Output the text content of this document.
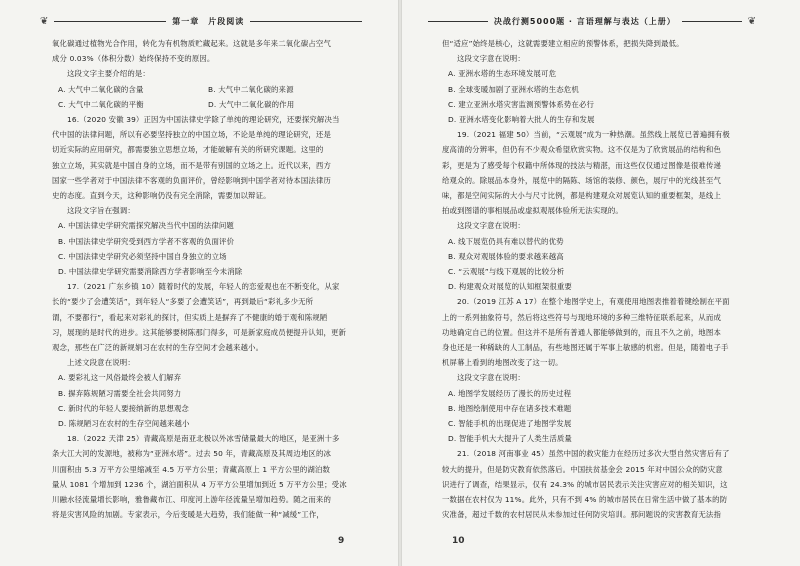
❦	第一章　片段阅读

氧化碳通过植物光合作用，转化为有机物质贮藏起来。这就是多年来二氧化碳占空气

成分 0.03%（体积分数）始终保持不变的原因。

这段文字主要介绍的是：

A. 大气中二氧化碳的含量	B. 大气中二氧化碳的来源
C. 大气中二氧化碳的平衡	D. 大气中二氧化碳的作用

16.（2020 安徽 39）正因为中国法律史学除了单纯的理论研究，还要探究解决当

代中国的法律问题，所以有必要坚持独立的中国立场，不论是单纯的理论研究，还是

切近实际的应用研究，都需要独立思想立场，才能破解有关的所研究课题。这里的

独立立场，其实就是中国自身的立场，而不是带有别国的立场之上。近代以来，西方

国家一些学者对于中国法律不客观的负面评价，曾经影响到中国学者对待本国法律历

史的态度。直到今天，这种影响仍没有完全消除，需要加以辩证。

这段文字旨在强调：

A. 中国法律史学研究需探究解决当代中国的法律问题

B. 中国法律史学研究受到西方学者不客观的负面评价

C. 中国法律史学研究必须坚持中国自身独立的立场

D. 中国法律史学研究需要消除西方学者影响至今未消除

17.（2021 广东乡镇 10）随着时代的发展，年轻人的恋爱观也在不断变化，从家

长的“要少了会遭笑话”，到年轻人“多要了会遭笑话”，再到最后“彩礼多少无所

谓，不要都行”，看起来对彩礼的探讨，但实质上是摒弃了不健康的婚于观和陈规陋

习，展现的是时代的进步。这其能够要树陈那门得多，可是新家庭成员便提升认知，更新

观念，那些在广泛的新规娟习在农村的生存空间才会越来越小。

上述文段意在说明：

A. 要彩礼这一风俗最终会被人们解弃

B. 摒弃陈规陋习需要全社会共同努力

C. 新时代的年轻人要接纳新的思想观念

D. 陈规陋习在农村的生存空间越来越小

18.（2022 天津 25）青藏高原是南亚北极以外冰雪储量最大的地区，是亚洲十多

条大江大河的发源地，被称为“亚洲水塔”。过去 50 年，青藏高原及其周边地区的冰

川面积由 5.3 万平方公里缩减至 4.5 万平方公里；青藏高原上 1 平方公里的湖泊数

量从 1081 个增加到 1236 个，湖泊面积从 4 万平方公里增加到近 5 万平方公里；受冰

川融水径流量增长影响，雅鲁藏布江、印度河上游年径流量呈增加趋势。随之而来的

将是灾害风险的加剧。专家表示，今后变暖是大趋势，我们能做一种“减缓”工作，

9
决战行测5000题 · 言语理解与表达（上册）	❦

但“适应”始终是核心，这就需要建立相应的预警体系，把损失降到最低。

这段文字意在说明：

A. 亚洲水塔的生态环境发展可危

B. 全球变暖加剧了亚洲水塔的生态危机

C. 建立亚洲水塔灾害监测预警体系势在必行

D. 亚洲水塔变化影响着大批人的生存和发展

19.（2021 福建 50）当前，“云观展”成为一种热潮。虽然线上展览已普遍拥有极

度高清的分辨率，但仍有不少观众希望欣赏实物。这不仅是为了欣赏展品的结构和色

彩，更是为了感受每个权籍中所体现的技法与精湛，而这些仅仅通过图像是很难传递

给观众的。除展品本身外，展览中的隔陈、场馆的装修、颜色，展厅中的光线甚至气

味，都是空间实际的大小与尺寸比例，都是构建观众对展览认知的重要框架，是线上

拍或到图谱的事相展品或虚拟观展体验所无法实现的。

这段文字意在说明：

A. 线下展览仍具有难以替代的优势

B. 观众对观展体验的要求越来越高

C. “云观展”与线下观展的比较分析

D. 构建观众对展览的认知框架很重要

20.（2019 江苏 A 17）在整个地图学史上，有观使用地图表推着着键绘制在平面

上的一系列抽象符号，然后将这些符号与现地环境的多种三维特征联系起来，从而成

功地确定自己的位置。但这并不是所有普通人都能够做到的，而且不久之前，地图本

身也还是一种稀缺的人工制品，有些地图还属于军事上敏感的机密。但是，随着电子手

机屏幕上看到的地图改变了这一切。

这段文字意在说明：

A. 地图学发展经历了漫长的历史过程

B. 地图绘制使用中存在诸多技术难题

C. 智能手机的出现促进了地图学发展

D. 智能手机大大提升了人类生活质量

21.（2018 河南事业 45）虽然中国的救灾能力在经历过多次大型自然灾害后有了

较大的提升，但是防灾教育依然落后。中国扶贫基金会 2015 年对中国公众的防灾意

识进行了调查，结果显示，仅有 24.3% 的城市居民表示关注灾害应对的相关知识，这

一数据在农村仅为 11%。此外，只有不到 4% 的城市居民在日常生活中做了基本的防

灾准备，超过千数的农村居民从未参加过任何防灾培训。那问题说的灾害教育无法指

10
